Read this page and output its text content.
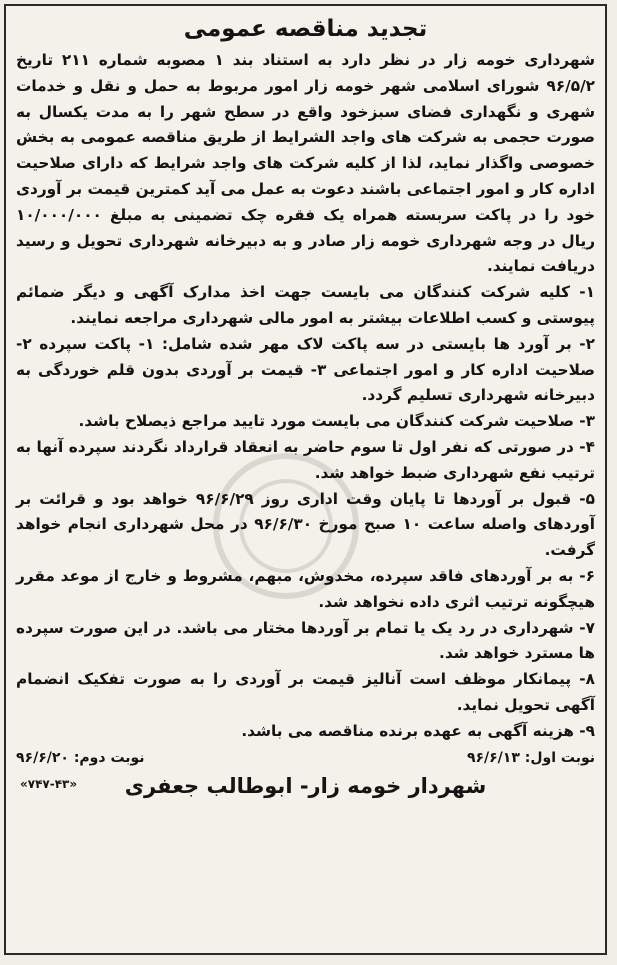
تجدید مناقصه عمومی

شهرداری خومه زار در نظر دارد به استناد بند ۱ مصوبه شماره ۲۱۱ تاریخ ۹۶/۵/۲ شورای اسلامی شهر خومه زار امور مربوط به حمل و نقل و خدمات شهری و نگهداری فضای سبزخود واقع در سطح شهر را به مدت یکسال به صورت حجمی به شرکت های واجد الشرایط از طریق مناقصه عمومی به بخش خصوصی واگذار نماید، لذا از کلیه شرکت های واجد شرایط که دارای صلاحیت اداره کار و امور اجتماعی باشند دعوت به عمل می آید کمترین قیمت بر آوردی خود را در پاکت سربسته همراه یک فقره چک تضمینی به مبلغ ۱۰/۰۰۰/۰۰۰ ریال در وجه شهرداری خومه زار صادر و به دبیرخانه شهرداری تحویل و رسید دریافت نمایند.

۱- کلیه شرکت کنندگان می بایست جهت اخذ مدارک آگهی و دیگر ضمائم پیوستی و کسب اطلاعات بیشتر به امور مالی شهرداری مراجعه نمایند.

۲- بر آورد ها بایستی در سه پاکت لاک مهر شده شامل: ۱- پاکت سپرده ۲- صلاحیت اداره کار و امور اجتماعی ۳- قیمت بر آوردی بدون قلم خوردگی به دبیرخانه شهرداری تسلیم گردد.

۳- صلاحیت شرکت کنندگان می بایست مورد تایید مراجع ذیصلاح باشد.

۴- در صورتی که نفر اول تا سوم حاضر به انعقاد قرارداد نگردند سپرده آنها به ترتیب نفع شهرداری ضبط خواهد شد.

۵- قبول بر آوردها تا پایان وقت اداری روز ۹۶/۶/۲۹ خواهد بود و قرائت بر آوردهای واصله ساعت ۱۰ صبح مورخ ۹۶/۶/۳۰ در محل شهرداری انجام خواهد گرفت.

۶- به بر آوردهای فاقد سپرده، مخدوش، مبهم، مشروط و خارج از موعد مقرر هیچگونه ترتیب اثری داده نخواهد شد.

۷- شهرداری در رد یک یا تمام بر آوردها مختار می باشد. در این صورت سپرده ها مسترد خواهد شد.

۸- پیمانکار موظف است آنالیز قیمت بر آوردی را به صورت تفکیک انضمام آگهی تحویل نماید.

۹- هزینه آگهی به عهده برنده مناقصه می باشد.

نوبت اول: ۹۶/۶/۱۳
نوبت دوم: ۹۶/۶/۲۰
شهردار خومه زار- ابوطالب جعفری
«۷۴۷-۴۳»
